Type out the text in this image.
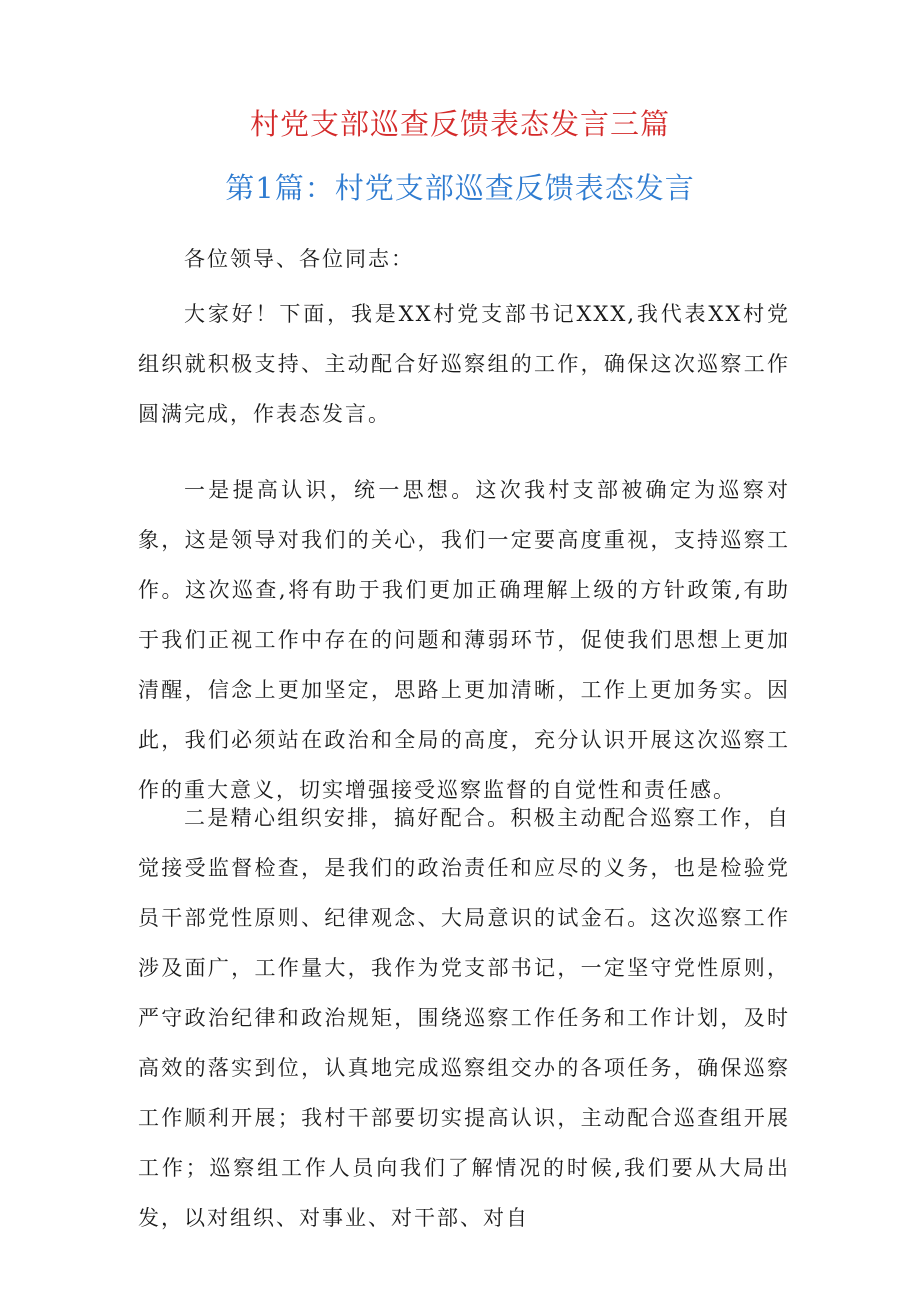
村党支部巡查反馈表态发言三篇
第1篇：村党支部巡查反馈表态发言

各位领导、各位同志：

大家好！下面，我是XX村党支部书记XXX,我代表XX村党组织就积极支持、主动配合好巡察组的工作，确保这次巡察工作圆满完成，作表态发言。

一是提高认识，统一思想。这次我村支部被确定为巡察对象，这是领导对我们的关心，我们一定要高度重视，支持巡察工作。这次巡查,将有助于我们更加正确理解上级的方针政策,有助于我们正视工作中存在的问题和薄弱环节，促使我们思想上更加清醒，信念上更加坚定，思路上更加清晰，工作上更加务实。因此，我们必须站在政治和全局的高度，充分认识开展这次巡察工作的重大意义，切实增强接受巡察监督的自觉性和责任感。

二是精心组织安排，搞好配合。积极主动配合巡察工作，自觉接受监督检查，是我们的政治责任和应尽的义务，也是检验党员干部党性原则、纪律观念、大局意识的试金石。这次巡察工作涉及面广，工作量大，我作为党支部书记，一定坚守党性原则，严守政治纪律和政治规矩，围绕巡察工作任务和工作计划，及时高效的落实到位，认真地完成巡察组交办的各项任务，确保巡察工作顺利开展；我村干部要切实提高认识，主动配合巡查组开展工作；巡察组工作人员向我们了解情况的时候,我们要从大局出发，以对组织、对事业、对干部、对自
